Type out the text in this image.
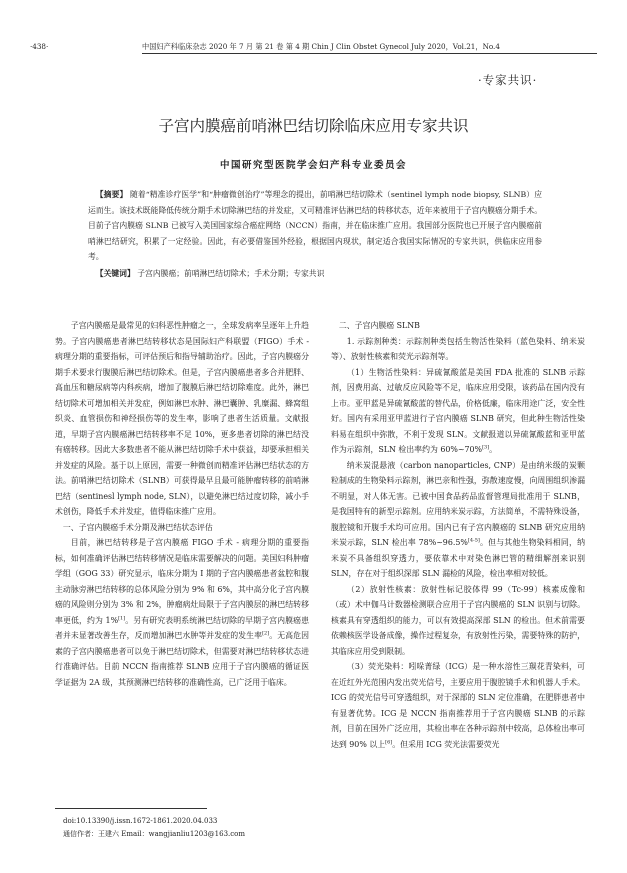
·438·	中国妇产科临床杂志 2020 年 7 月 第 21 卷 第 4 期 Chin J Clin Obstet Gynecol July 2020，Vol.21，No.4
·专家共识·
子宫内膜癌前哨淋巴结切除临床应用专家共识
中国研究型医院学会妇产科专业委员会
【摘要】 随着“精准诊疗医学”和“肿瘤微创治疗”等理念的提出，前哨淋巴结切除术（sentinel lymph node biopsy, SLNB）应运而生。该技术既能降低传统分期手术切除淋巴结的并发症，又可精准评估淋巴结的转移状态，近年来被用于子宫内膜癌分期手术。目前子宫内膜癌 SLNB 已被写入美国国家综合癌症网络（NCCN）指南，并在临床推广应用。我国部分医院也已开展子宫内膜癌前哨淋巴结研究，积累了一定经验。因此，有必要借鉴国外经验，根据国内现状，制定适合我国实际情况的专家共识，供临床应用参考。
【关键词】 子宫内膜癌；前哨淋巴结切除术；手术分期；专家共识

子宫内膜癌是最常见的妇科恶性肿瘤之一，全球发病率呈逐年上升趋势。子宫内膜癌患者淋巴结转移状态是国际妇产科联盟（FIGO）手术 - 病理分期的重要指标，可评估预后和指导辅助治疗。因此，子宫内膜癌分期手术要求行腹膜后淋巴结切除术。但是，子宫内膜癌患者多合并肥胖、高血压和糖尿病等内科疾病，增加了腹膜后淋巴结切除难度。此外，淋巴结切除术可增加相关并发症，例如淋巴水肿、淋巴囊肿、乳糜漏、蜂窝组织炎、血管损伤和神经损伤等的发生率，影响了患者生活质量。文献报道，早期子宫内膜癌淋巴结转移率不足 10%，更多患者切除的淋巴结没有癌转移。因此大多数患者不能从淋巴结切除手术中获益，却要承担相关并发症的风险。基于以上原因，需要一种微创而精准评估淋巴结状态的方法。前哨淋巴结切除术（SLNB）可获得最早且最可能肿瘤转移的前哨淋巴结（sentinesl lymph node, SLN），以避免淋巴结过度切除，减小手术创伤，降低手术并发症，值得临床推广应用。

一、子宫内膜癌手术分期及淋巴结状态评估

目前，淋巴结转移是子宫内膜癌 FIGO 手术 - 病理分期的重要指标，如何准确评估淋巴结转移情况是临床需要解决的问题。美国妇科肿瘤学组（GOG 33）研究显示，临床分期为 Ⅰ 期的子宫内膜癌患者盆腔和腹主动脉旁淋巴结转移的总体风险分别为 9% 和 6%，其中高分化子宫内膜癌的风险则分别为 3% 和 2%，肿瘤病灶局限于子宫内膜层的淋巴结转移率更低，约为 1%[1]。另有研究表明系统淋巴结切除的早期子宫内膜癌患者并未显著改善生存，反而增加淋巴水肿等并发症的发生率[2]。无高危因素的子宫内膜癌患者可以免于淋巴结切除术，但需要对淋巴结转移状态进行准确评估。目前 NCCN 指南推荐 SLNB 应用于子宫内膜癌的循证医学证据为 2A 级，其预测淋巴结转移的准确性高，已广泛用于临床。

doi:10.13390/j.issn.1672-1861.2020.04.033
通信作者：王建六 Email：wangjianliu1203@163.com

二、子宫内膜癌 SLNB

1. 示踪剂种类：示踪剂种类包括生物活性染料（蓝色染料、纳米炭等）、放射性核素和荧光示踪剂等。

（1）生物活性染料：异硫氰酸蓝是美国 FDA 批准的 SLNB 示踪剂，因费用高、过敏反应风险等不足，临床应用受限，该药品在国内没有上市。亚甲蓝是异硫氰酸蓝的替代品，价格低廉，临床用途广泛，安全性好。国内有采用亚甲蓝进行子宫内膜癌 SLNB 研究，但此种生物活性染料易在组织中弥散，不利于发现 SLN。文献报道以异硫氰酸蓝和亚甲蓝作为示踪剂，SLN 检出率约为 60%~70%[3]。

纳米炭混悬液（carbon nanoparticles, CNP）是由纳米级的炭颗粒制成的生物染料示踪剂，淋巴亲和性强，弥散速度慢，向周围组织渗漏不明显，对人体无害。已被中国食品药品监督管理局批准用于 SLNB，是我国特有的新型示踪剂。应用纳米炭示踪，方法简单，不需特殊设备，腹腔镜和开腹手术均可应用。国内已有子宫内膜癌的 SLNB 研究应用纳米炭示踪，SLN 检出率 78%~96.5%[4-5]。但与其他生物染料相同，纳米炭不具备组织穿透力，要依靠术中对染色淋巴管的精细解剖来识别 SLN，存在对于组织深部 SLN 漏检的风险，检出率相对较低。

（2）放射性核素：放射性标记胶体得 99（Tc-99）核素成像和（或）术中伽马计数器检测联合应用于子宫内膜癌的 SLN 识别与切除。核素具有穿透组织的能力，可以有效提高深部 SLN 的检出。但术前需要依赖核医学设备成像，操作过程复杂，有放射性污染，需要特殊的防护，其临床应用受到限制。

（3）荧光染料：吲哚菁绿（ICG）是一种水溶性三羰花青染料，可在近红外光范围内发出荧光信号，主要应用于腹腔镜手术和机器人手术。ICG 的荧光信号可穿透组织，对于深部的 SLN 定位准确，在肥胖患者中有显著优势。ICG 是 NCCN 指南推荐用于子宫内膜癌 SLNB 的示踪剂，目前在国外广泛应用，其检出率在各种示踪剂中较高，总体检出率可达到 90% 以上[6]。但采用 ICG 荧光法需要荧光
